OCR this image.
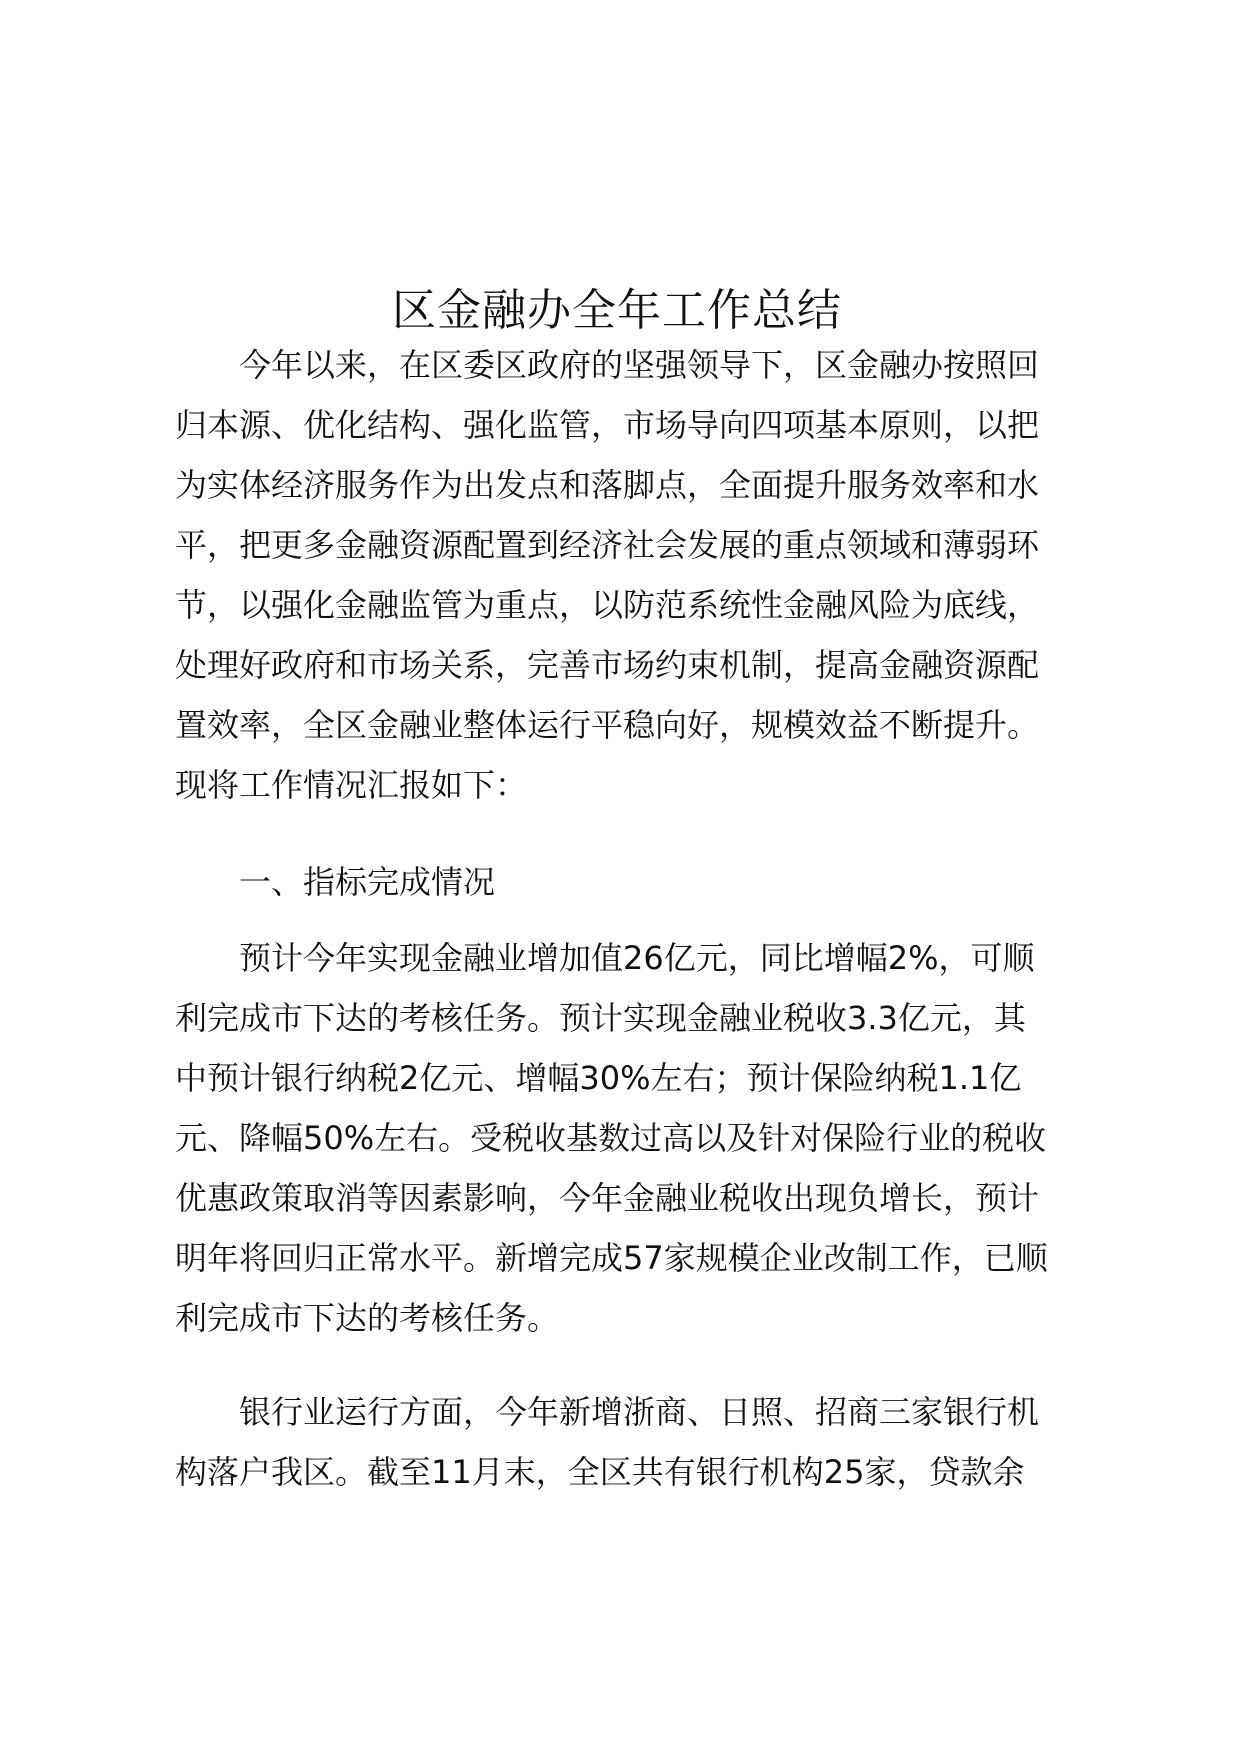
区金融办全年工作总结
　　今年以来，在区委区政府的坚强领导下，区金融办按照回
归本源、优化结构、强化监管，市场导向四项基本原则，以把
为实体经济服务作为出发点和落脚点，全面提升服务效率和水
平，把更多金融资源配置到经济社会发展的重点领域和薄弱环
节，以强化金融监管为重点，以防范系统性金融风险为底线，
处理好政府和市场关系，完善市场约束机制，提高金融资源配
置效率，全区金融业整体运行平稳向好，规模效益不断提升。
现将工作情况汇报如下：
　　一、指标完成情况
　　预计今年实现金融业增加值26亿元，同比增幅2%，可顺
利完成市下达的考核任务。预计实现金融业税收3.3亿元，其
中预计银行纳税2亿元、增幅30%左右；预计保险纳税1.1亿
元、降幅50%左右。受税收基数过高以及针对保险行业的税收
优惠政策取消等因素影响，今年金融业税收出现负增长，预计
明年将回归正常水平。新增完成57家规模企业改制工作，已顺
利完成市下达的考核任务。
　　银行业运行方面，今年新增浙商、日照、招商三家银行机
构落户我区。截至11月末，全区共有银行机构25家，贷款余
